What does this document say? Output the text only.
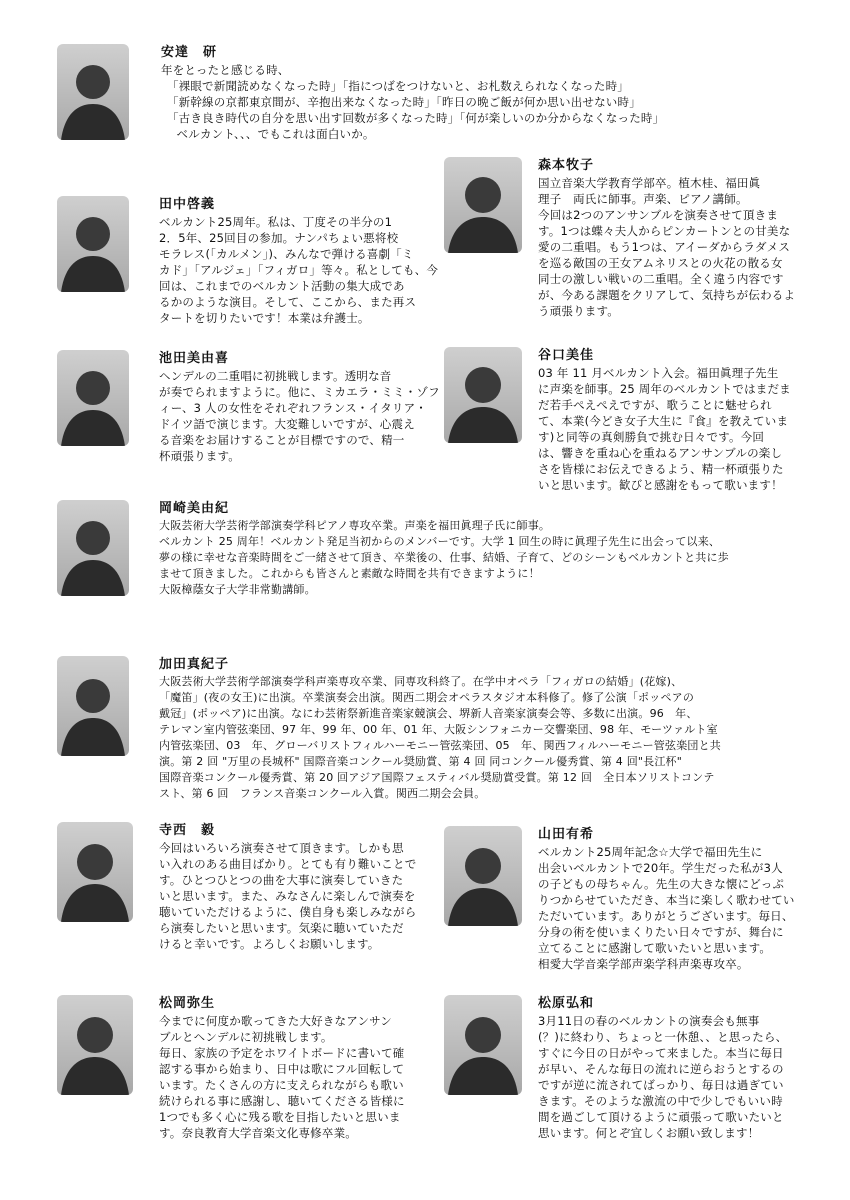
安達　研
年をとったと感じる時、
　「裸眼で新聞読めなくなった時」「指につばをつけないと、お札数えられなくなった時」
　「新幹線の京都東京間が、辛抱出来なくなった時」「昨日の晩ご飯が何か思い出せない時」
　「古き良き時代の自分を思い出す回数が多くなった時」「何が楽しいのか分からなくなった時」
　 ベルカント、、、でもこれは面白いか。
森本牧子
国立音楽大学教育学部卒。植木桂、福田眞
理子　両氏に師事。声楽、ピアノ講師。
今回は2つのアンサンブルを演奏させて頂きま
す。1つは蝶々夫人からピンカートンとの甘美な
愛の二重唱。もう1つは、アイーダからラダメス
を巡る敵国の王女アムネリスとの火花の散る女
同士の激しい戦いの二重唱。全く違う内容です
が、今ある課題をクリアして、気持ちが伝わるよ
う頑張ります。
田中啓義
ベルカント25周年。私は、丁度その半分の1
2．5年、25回目の参加。ナンパちょい悪将校
モラレス(「カルメン」)、みんなで弾ける喜劇「ミ
カド」「アルジェ」「フィガロ」等々。私としても、今
回は、これまでのベルカント活動の集大成であ
るかのような演目。そして、ここから、また再ス
タートを切りたいです！本業は弁護士。
池田美由喜
ヘンデルの二重唱に初挑戦します。透明な音
が奏でられますように。他に、ミカエラ・ミミ・ゾフ
ィー、3 人の女性をそれぞれフランス・イタリア・
ドイツ語で演じます。大変難しいですが、心震え
る音楽をお届けすることが目標ですので、精一
杯頑張ります。
谷口美佳
03 年 11 月ベルカント入会。福田眞理子先生
に声楽を師事。25 周年のベルカントではまだま
だ若手ぺえぺえですが、歌うことに魅せられ
て、本業(今どき女子大生に『食』を教えていま
す)と同等の真剣勝負で挑む日々です。今回
は、響きを重ね心を重ねるアンサンブルの楽し
さを皆様にお伝えできるよう、精一杯頑張りた
いと思います。歓びと感謝をもって歌います！
岡崎美由紀
大阪芸術大学芸術学部演奏学科ピアノ専攻卒業。声楽を福田眞理子氏に師事。
ベルカント 25 周年！ベルカント発足当初からのメンバーです。大学 1 回生の時に眞理子先生に出会って以来、
夢の様に幸せな音楽時間をご一緒させて頂き、卒業後の、仕事、結婚、子育て、どのシーンもベルカントと共に歩
ませて頂きました。これからも皆さんと素敵な時間を共有できますように！
大阪樟蔭女子大学非常勤講師。
加田真紀子
大阪芸術大学芸術学部演奏学科声楽専攻卒業、同専攻科終了。在学中オペラ「フィガロの結婚」(花嫁)、
「魔笛」(夜の女王)に出演。卒業演奏会出演。関西二期会オペラスタジオ本科修了。修了公演「ポッペアの
戴冠」(ポッペア)に出演。なにわ芸術祭新進音楽家競演会、堺新人音楽家演奏会等、多数に出演。96　年、
テレマン室内管弦楽団、97 年、99 年、00 年、01 年、大阪シンフォニカー交響楽団、98 年、モーツァルト室
内管弦楽団、03　年、グローバリストフィルハーモニー管弦楽団、05　年、関西フィルハーモニー管弦楽団と共
演。第 2 回 "万里の長城杯" 国際音楽コンクール奨励賞、第 4 回 同コンクール優秀賞、第 4 回"長江杯"
国際音楽コンクール優秀賞、第 20 回アジア国際フェスティバル奨励賞受賞。第 12 回　全日本ソリストコンテ
スト、第 6 回　フランス音楽コンクール入賞。関西二期会会員。
寺西　毅
今回はいろいろ演奏させて頂きます。しかも思
い入れのある曲目ばかり。とても有り難いことで
す。ひとつひとつの曲を大事に演奏していきた
いと思います。また、みなさんに楽しんで演奏を
聴いていただけるように、僕自身も楽しみながら
ら演奏したいと思います。気楽に聴いていただ
けると幸いです。よろしくお願いします。
山田有希
ベルカント25周年記念☆大学で福田先生に
出会いベルカントで20年。学生だった私が3人
の子どもの母ちゃん。先生の大きな懐にどっぷ
りつからせていただき、本当に楽しく歌わせてい
ただいています。ありがとうございます。毎日、
分身の術を使いまくりたい日々ですが、舞台に
立てることに感謝して歌いたいと思います。
相愛大学音楽学部声楽学科声楽専攻卒。
松岡弥生
今までに何度か歌ってきた大好きなアンサン
ブルとヘンデルに初挑戦します。
毎日、家族の予定をホワイトボードに書いて確
認する事から始まり、日中は歌にフル回転して
います。たくさんの方に支えられながらも歌い
続けられる事に感謝し、聴いてくださる皆様に
1つでも多く心に残る歌を目指したいと思いま
す。奈良教育大学音楽文化専修卒業。
松原弘和
3月11日の春のベルカントの演奏会も無事
(？)に終わり、ちょっと一休憩、、と思ったら、
すぐに今日の日がやって来ました。本当に毎日
が早い、そんな毎日の流れに逆らおうとするの
ですが逆に流されてばっかり、毎日は過ぎてい
きます。そのような激流の中で少しでもいい時
間を過ごして頂けるように頑張って歌いたいと
思います。何とぞ宜しくお願い致します！
